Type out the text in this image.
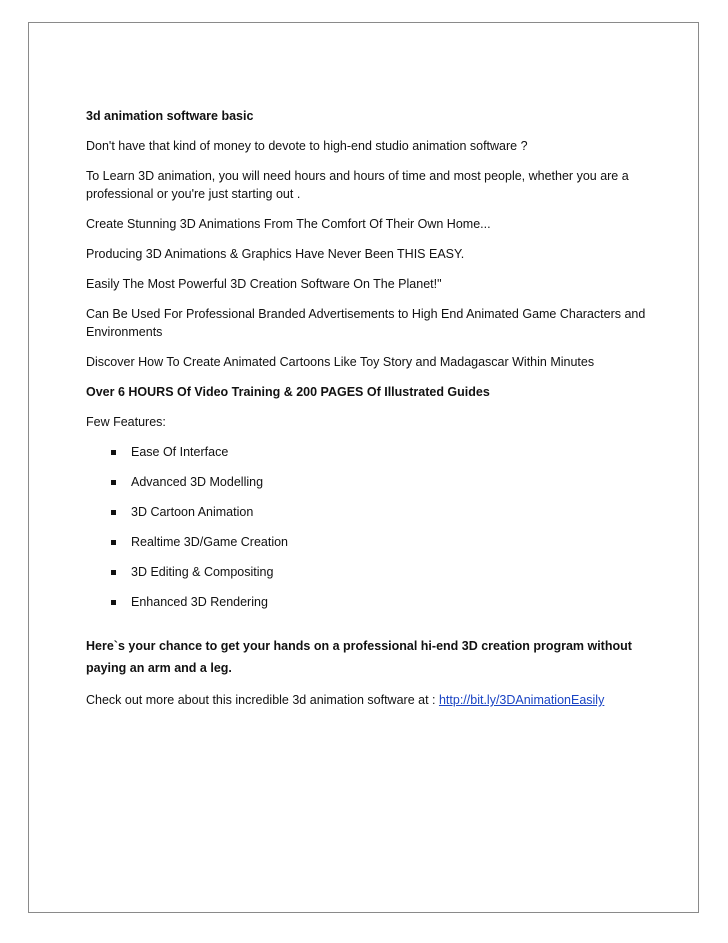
3d animation software basic

Don't have that kind of money to devote to high-end studio animation software ?

To Learn 3D animation, you will need hours and hours of time and most people, whether you are a professional or you're just starting out .

Create Stunning 3D Animations From The Comfort Of Their Own Home...

Producing 3D Animations & Graphics Have Never Been THIS EASY.

Easily The Most Powerful 3D Creation Software On The Planet!"

Can Be Used For Professional Branded Advertisements to High End Animated Game Characters and Environments

Discover How To Create Animated Cartoons Like Toy Story and Madagascar Within Minutes

Over 6 HOURS Of Video Training & 200 PAGES Of Illustrated Guides

Few Features:

Ease Of Interface
Advanced 3D Modelling
3D Cartoon Animation
Realtime 3D/Game Creation
3D Editing & Compositing
Enhanced 3D Rendering

Here`s your chance to get your hands on a professional hi-end 3D creation program without paying an arm and a leg.

Check out more about this incredible 3d animation software at : http://bit.ly/3DAnimationEasily
